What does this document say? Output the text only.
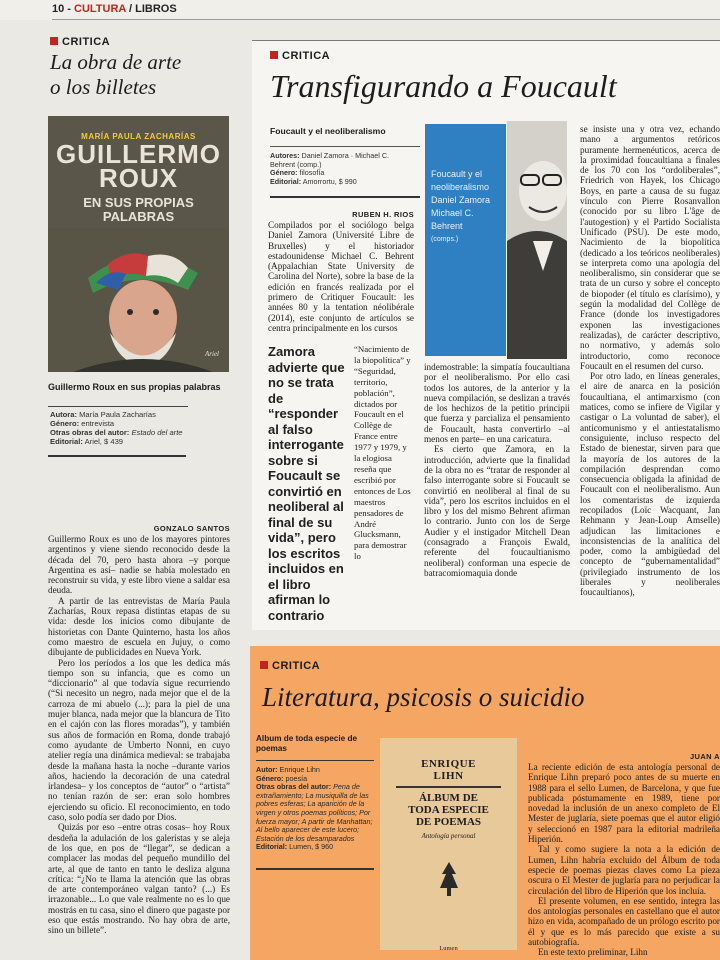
10 - CULTURA / LIBROS
CRITICA
La obra de arte
o los billetes
MARÍA PAULA ZACHARÍAS
GUILLERMO
ROUX
EN SUS PROPIAS
PALABRAS
Ariel
Guillermo Roux en sus propias palabras
Autora: María Paula Zacharías
Género: entrevista
Otras obras del autor: Estado del arte
Editorial: Ariel, $ 439
GONZALO SANTOS

Guillermo Roux es uno de los mayores pintores argentinos y viene siendo reconocido desde la década del 70, pero hasta ahora –y porque Argentina es así– nadie se había molestado en reconstruir su vida, y este libro viene a saldar esa deuda.

A partir de las entrevistas de María Paula Zacharías, Roux repasa distintas etapas de su vida: desde los inicios como dibujante de historietas con Dante Quinterno, hasta los años como maestro de escuela en Jujuy, o como dibujante de publicidades en Nueva York.

Pero los períodos a los que les dedica más tiempo son su infancia, que es como un “diccionario” al que todavía sigue recurriendo (“Si necesito un negro, nada mejor que el de la carroza de mi abuelo (...); para la piel de una mujer blanca, nada mejor que la blancura de Tito en el cajón con las flores moradas”), y también sus años de formación en Roma, donde trabajó como ayudante de Umberto Nonni, en cuyo atelier regía una dinámica medieval: se trabajaba desde la mañana hasta la noche –durante varios años, haciendo la decoración de una catedral irlandesa– y los conceptos de “autor” o “artista” no tenían razón de ser: eran solo hombres ejerciendo su oficio. El reconocimiento, en todo caso, solo podía ser dado por Dios.

Quizás por eso –entre otras cosas– hoy Roux desdeña la adulación de los galeristas y se aleja de los que, en pos de “llegar”, se dedican a complacer las modas del pequeño mundillo del arte, al que de tanto en tanto le desliza alguna crítica: “¿No te llama la atención que las obras de arte contemporáneo valgan tanto? (...) Es irrazonable... Lo que vale realmente no es lo que mostrás en tu casa, sino el dinero que pagaste por eso que estás mostrando. No hay obra de arte, sino un billete”.

CRITICA
Transfigurando a Foucault
Foucault y el neoliberalismo
Autores: Daniel Zamora · Michael C. Behrent (comp.)
Género: filosofía
Editorial: Amorrortu, $ 990
RUBEN H. RIOS
Compilados por el sociólogo belga Daniel Zamora (Université Libre de Bruxelles) y el historiador estadounidense Michael C. Behrent (Appalachian State University de Carolina del Norte), sobre la base de la edición en francés realizada por el primero de Critiquer Foucault: les années 80 y la tentation néolibérale (2014), este conjunto de artículos se centra principalmente en los cursos
Zamora advierte que no se trata de “responder al falso interrogante sobre si Foucault se convirtió en neoliberal al final de su vida”, pero los escritos incluidos en el libro afirman lo contrario
“Nacimiento de la biopolítica” y “Seguridad, territorio, población”, dictados por Foucault en el Collège de France entre 1977 y 1979, y la elogiosa reseña que escribió por entonces de Los maestros pensadores de André Glucksmann, para demostrar lo
Foucault y el
neoliberalismo
Daniel Zamora
Michael C. Behrent
(comps.)

indemostrable: la simpatía foucaultiana por el neoliberalismo. Por ello casi todos los autores, de la anterior y la nueva compilación, se deslizan a través de los hechizos de la petitio principii que fuerza y parcializa el pensamiento de Foucault, hasta convertirlo –al menos en parte– en una caricatura.

Es cierto que Zamora, en la introducción, advierte que la finalidad de la obra no es “tratar de responder al falso interrogante sobre si Foucault se convirtió en neoliberal al final de su vida”, pero los escritos incluidos en el libro y los del mismo Behrent afirman lo contrario. Junto con los de Serge Audier y el instigador Mitchell Dean (consagrado a François Ewald, referente del foucaultianismo neoliberal) conforman una especie de batracomiomaquia donde

se insiste una y otra vez, echando mano a argumentos retóricos puramente hermenéuticos, acerca de la proximidad foucaultiana a finales de los 70 con los “ordoliberales”, Friedrich von Hayek, los Chicago Boys, en parte a causa de su fugaz vínculo con Pierre Rosanvallon (conocido por su libro L'âge de l'autogestion) y el Partido Socialista Unificado (PSU). De este modo, Nacimiento de la biopolítica (dedicado a los teóricos neoliberales) se interpreta como una apología del neoliberalismo, sin considerar que se trata de un curso y sobre el concepto de biopoder (el título es clarísimo), y según la modalidad del Collège de France (donde los investigadores exponen las investigaciones realizadas), de carácter descriptivo, no normativo, y además solo introductorio, como reconoce Foucault en el resumen del curso.

Por otro lado, en líneas generales, el aire de anarca en la posición foucaultiana, el antimarxismo (con matices, como se infiere de Vigilar y castigar o La voluntad de saber), el anticomunismo y el antiestatalismo consiguiente, incluso respecto del Estado de bienestar, sirven para que la mayoría de los autores de la compilación desprendan como consecuencia obligada la afinidad de Foucault con el neoliberalismo. Aun los comentaristas de izquierda recopilados (Loïc Wacquant, Jan Rehmann y Jean-Loup Amselle) adjudican las limitaciones e inconsistencias de la analítica del poder, como la ambigüedad del concepto de “gubernamentalidad” (privilegiado instrumento de los liberales y neoliberales foucaultianos),

CRITICA
Literatura, psicosis o suicidio
Album de toda especie de poemas
Autor: Enrique Lihn
Género: poesía
Otras obras del autor: Pena de extrañamiento; La musiquilla de las pobres esferas; La aparición de la virgen y otros poemas políticos; Por fuerza mayor; A partir de Manhattan; Al bello aparecer de este lucero; Estación de los desamparados
Editorial: Lumen, $ 960
ENRIQUE
LIHN
ÁLBUM DE
TODA ESPECIE
DE POEMAS
Antología personal
Lumen
JUAN A

La reciente edición de esta antología personal de Enrique Lihn preparó poco antes de su muerte en 1988 para el sello Lumen, de Barcelona, y que fue publicada póstumamente en 1989, tiene por novedad la inclusión de un anexo completo de El Mester de juglaría, siete poemas que el autor eligió y seleccionó en 1987 para la editorial madrileña Hiperión.

Tal y como sugiere la nota a la edición de Lumen, Lihn habría excluido del Álbum de toda especie de poemas piezas claves como La pieza oscura o El Mester de juglaría para no perjudicar la circulación del libro de Hiperión que los incluía.

El presente volumen, en ese sentido, integra las dos antologías personales en castellano que el autor hizo en vida, acompañado de un prólogo escrito por él y que es lo más parecido que existe a su autobiografía.

En este texto preliminar, Lihn
